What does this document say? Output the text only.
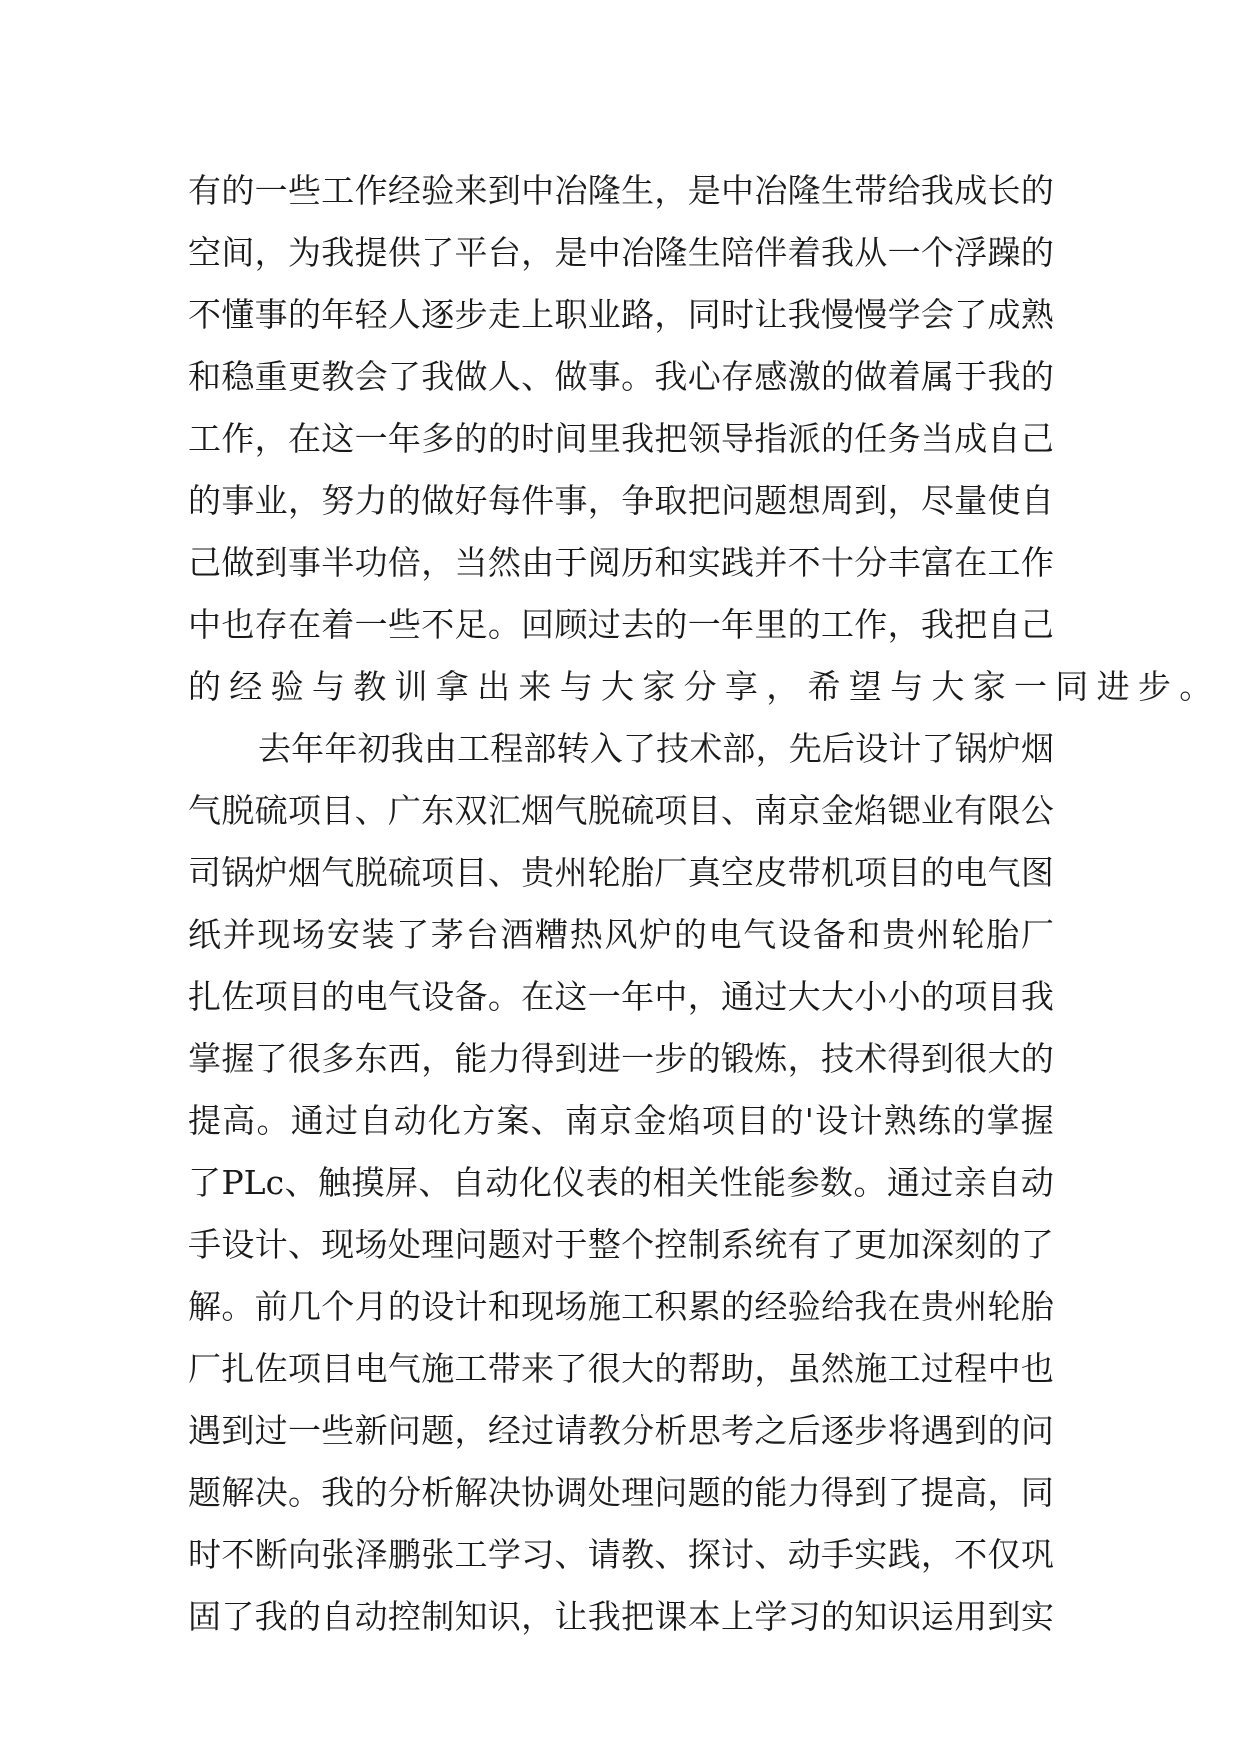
有 的 一 些 工 作 经 验 来 到 中 冶 隆 生 ， 是 中 冶 隆 生 带 给 我 成 长 的
空 间 ， 为 我 提 供 了 平 台 ， 是 中 冶 隆 生 陪 伴 着 我 从 一 个 浮 躁 的
不 懂 事 的 年 轻 人 逐 步 走 上 职 业 路 ， 同 时 让 我 慢 慢 学 会 了 成 熟
和 稳 重 更 教 会 了 我 做 人 、 做 事 。 我 心 存 感 激 的 做 着 属 于 我 的
工 作 ， 在 这 一 年 多 的 的 时 间 里 我 把 领 导 指 派 的 任 务 当 成 自 己
的 事 业 ， 努 力 的 做 好 每 件 事 ， 争 取 把 问 题 想 周 到 ， 尽 量 使 自
己 做 到 事 半 功 倍 ， 当 然 由 于 阅 历 和 实 践 并 不 十 分 丰 富 在 工 作
中 也 存 在 着 一 些 不 足 。 回 顾 过 去 的 一 年 里 的 工 作 ， 我 把 自 己
的经验与教训拿出来与大家分享，希望与大家一同进步。
去 年 年 初 我 由 工 程 部 转 入 了 技 术 部 ， 先 后 设 计 了 锅 炉 烟
气 脱 硫 项 目 、 广 东 双 汇 烟 气 脱 硫 项 目 、 南 京 金 焰 锶 业 有 限 公
司 锅 炉 烟 气 脱 硫 项 目 、 贵 州 轮 胎 厂 真 空 皮 带 机 项 目 的 电 气 图
纸 并 现 场 安 装 了 茅 台 酒 糟 热 风 炉 的 电 气 设 备 和 贵 州 轮 胎 厂
扎 佐 项 目 的 电 气 设 备 。 在 这 一 年 中 ， 通 过 大 大 小 小 的 项 目 我
掌 握 了 很 多 东 西 ， 能 力 得 到 进 一 步 的 锻 炼 ， 技 术 得 到 很 大 的
提 高 。 通 过 自 动 化 方 案 、 南 京 金 焰 项 目 的 ' 设 计 熟 练 的 掌 握
了 PLc 、 触 摸 屏 、 自 动 化 仪 表 的 相 关 性 能 参 数 。 通 过 亲 自 动
手 设 计 、 现 场 处 理 问 题 对 于 整 个 控 制 系 统 有 了 更 加 深 刻 的 了
解 。 前 几 个 月 的 设 计 和 现 场 施 工 积 累 的 经 验 给 我 在 贵 州 轮 胎
厂 扎 佐 项 目 电 气 施 工 带 来 了 很 大 的 帮 助 ， 虽 然 施 工 过 程 中 也
遇 到 过 一 些 新 问 题 ， 经 过 请 教 分 析 思 考 之 后 逐 步 将 遇 到 的 问
题 解 决 。 我 的 分 析 解 决 协 调 处 理 问 题 的 能 力 得 到 了 提 高 ， 同
时 不 断 向 张 泽 鹏 张 工 学 习 、 请 教 、 探 讨 、 动 手 实 践 ， 不 仅 巩
固 了 我 的 自 动 控 制 知 识 ， 让 我 把 课 本 上 学 习 的 知 识 运 用 到 实
